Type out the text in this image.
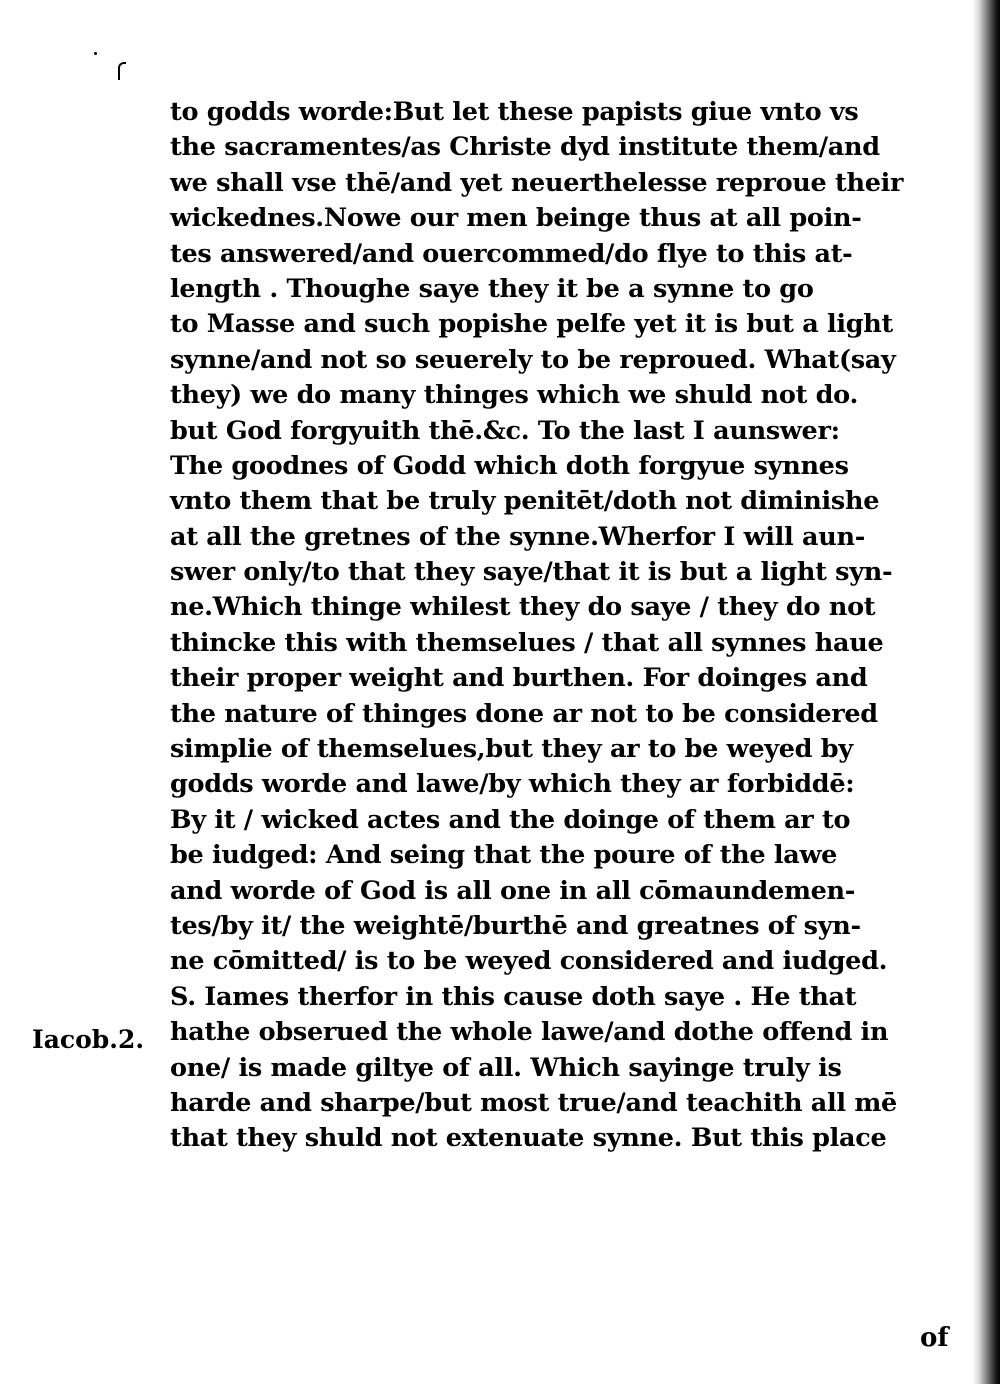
to godds worde:But let these papists giue vnto vs
the sacramentes/as Christe dyd institute them/and
we shall vse thē/and yet neuerthelesse reproue their
wickednes.Nowe our men beinge thus at all poin-
tes answered/and ouercommed/do flye to this at-
length . Thoughe saye they it be a synne to go
to Masse and such popishe pelfe yet it is but a light
synne/and not so seuerely to be reproued. What(say
they) we do many thinges which we shuld not do.
but God forgyuith thē.&c. To the last I aunswer:
The goodnes of Godd which doth forgyue synnes
vnto them that be truly penitēt/doth not diminishe
at all the gretnes of the synne.Wherfor I will aun-
swer only/to that they saye/that it is but a light syn-
ne.Which thinge whilest they do saye / they do not
thincke this with themselues / that all synnes haue
their proper weight and burthen. For doinges and
the nature of thinges done ar not to be considered
simplie of themselues,but they ar to be weyed by
godds worde and lawe/by which they ar forbiddē:
By it / wicked actes and the doinge of them ar to
be iudged: And seing that the poure of the lawe
and worde of God is all one in all cōmaundemen-
tes/by it/ the weightē/burthē and greatnes of syn-
ne cōmitted/ is to be weyed considered and iudged.
S. Iames therfor in this cause doth saye . He that
hathe obserued the whole lawe/and dothe offend in
one/ is made giltye of all. Which sayinge truly is
harde and sharpe/but most true/and teachith all mē
that they shuld not extenuate synne. But this place
Iacob.2.
of
